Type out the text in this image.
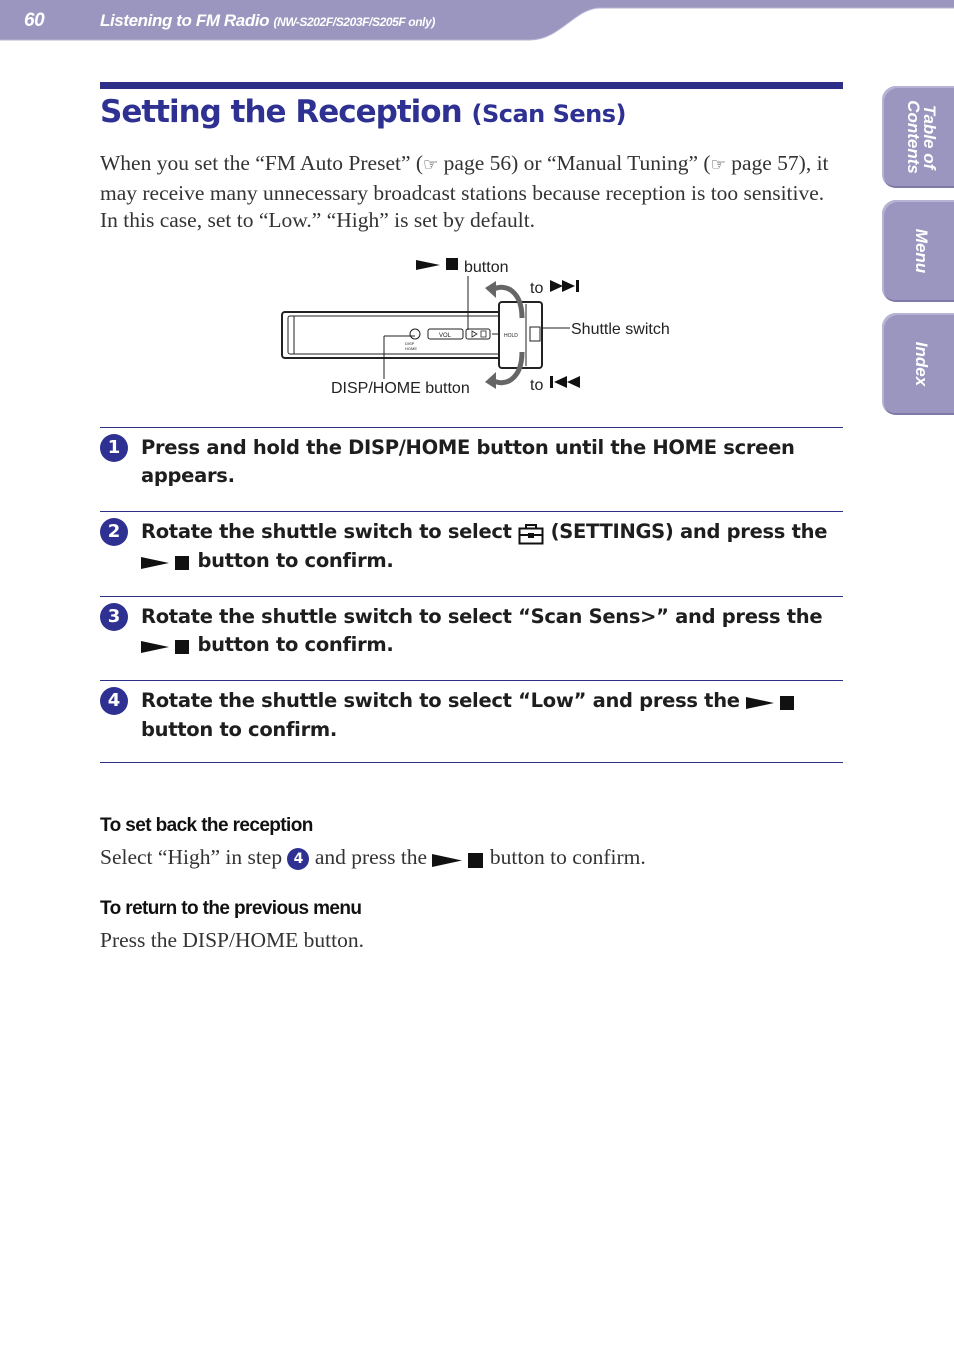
60	Listening to FM Radio (NW-S202F/S203F/S205F only)
Table of
Contents
Menu
Index
Setting the Reception (Scan Sens)
When you set the “FM Auto Preset” (☞ page 56) or “Manual Tuning” (☞ page 57), it may receive many unnecessary broadcast stations because reception is too sensitive. In this case, set to “Low.” “High” is set by default.
DISP
HOME
VOL	HOLD
button
to
Shuttle switch
to
DISP/HOME button
1	Press and hold the DISP/HOME button until the HOME screen appears.
2	Rotate the shuttle switch to select (SETTINGS) and press the  button to confirm.
3	Rotate the shuttle switch to select “Scan Sens>” and press the  button to confirm.
4	Rotate the shuttle switch to select “Low” and press the  button to confirm.
To set back the reception
Select “High” in step 4 and press the	button to confirm.
To return to the previous menu
Press the DISP/HOME button.
